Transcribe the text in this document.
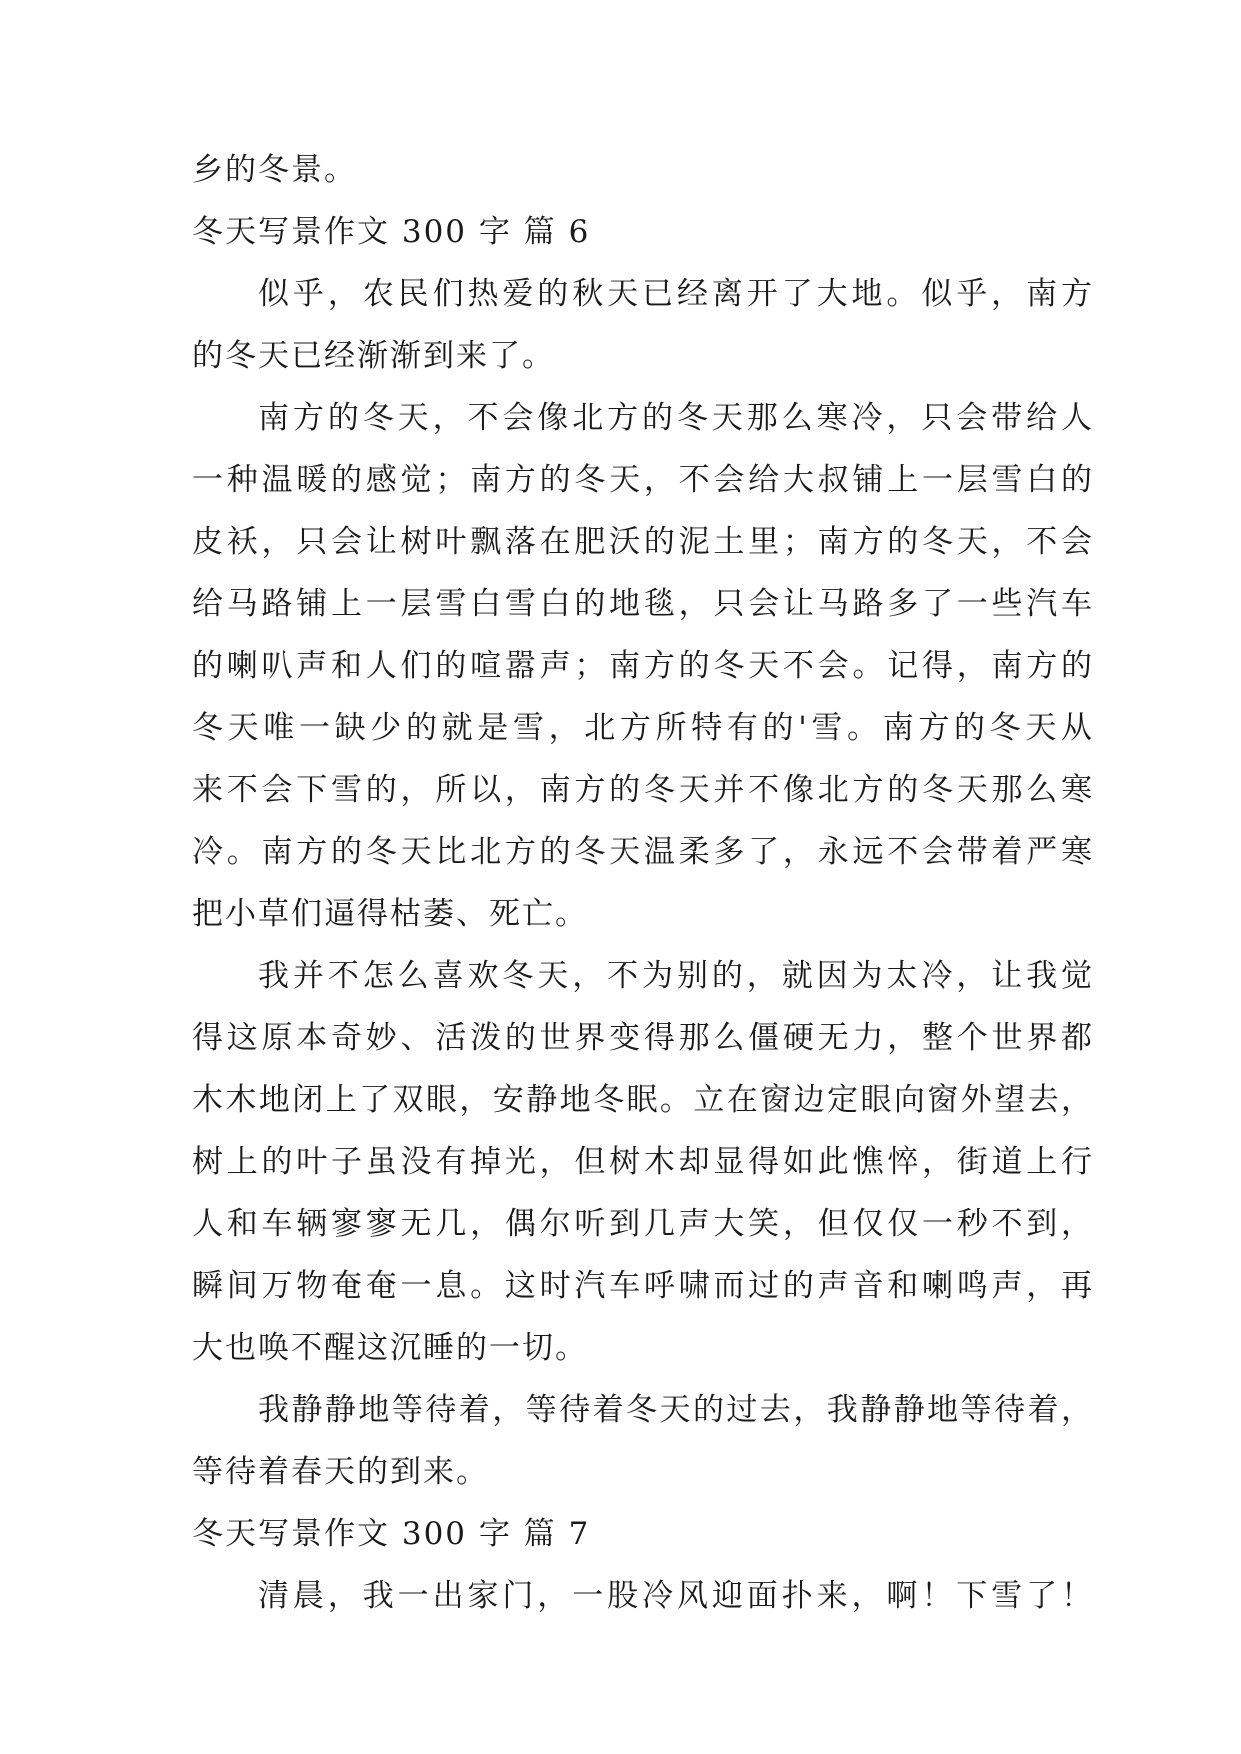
乡的冬景。
冬天写景作文 300 字 篇 6
似乎，农民们热爱的秋天已经离开了大地。似乎，南方
的冬天已经渐渐到来了。
南方的冬天，不会像北方的冬天那么寒冷，只会带给人
一种温暖的感觉；南方的冬天，不会给大叔铺上一层雪白的
皮袄，只会让树叶飘落在肥沃的泥土里；南方的冬天，不会
给马路铺上一层雪白雪白的地毯，只会让马路多了一些汽车
的喇叭声和人们的喧嚣声；南方的冬天不会。记得，南方的
冬天唯一缺少的就是雪，北方所特有的'雪。南方的冬天从
来不会下雪的，所以，南方的冬天并不像北方的冬天那么寒
冷。南方的冬天比北方的冬天温柔多了，永远不会带着严寒
把小草们逼得枯萎、死亡。
我并不怎么喜欢冬天，不为别的，就因为太冷，让我觉
得这原本奇妙、活泼的世界变得那么僵硬无力，整个世界都
木木地闭上了双眼，安静地冬眠。立在窗边定眼向窗外望去，
树上的叶子虽没有掉光，但树木却显得如此憔悴，街道上行
人和车辆寥寥无几，偶尔听到几声大笑，但仅仅一秒不到，
瞬间万物奄奄一息。这时汽车呼啸而过的声音和喇鸣声，再
大也唤不醒这沉睡的一切。
我静静地等待着，等待着冬天的过去，我静静地等待着，
等待着春天的到来。
冬天写景作文 300 字 篇 7
清晨，我一出家门，一股冷风迎面扑来，啊！下雪了！
